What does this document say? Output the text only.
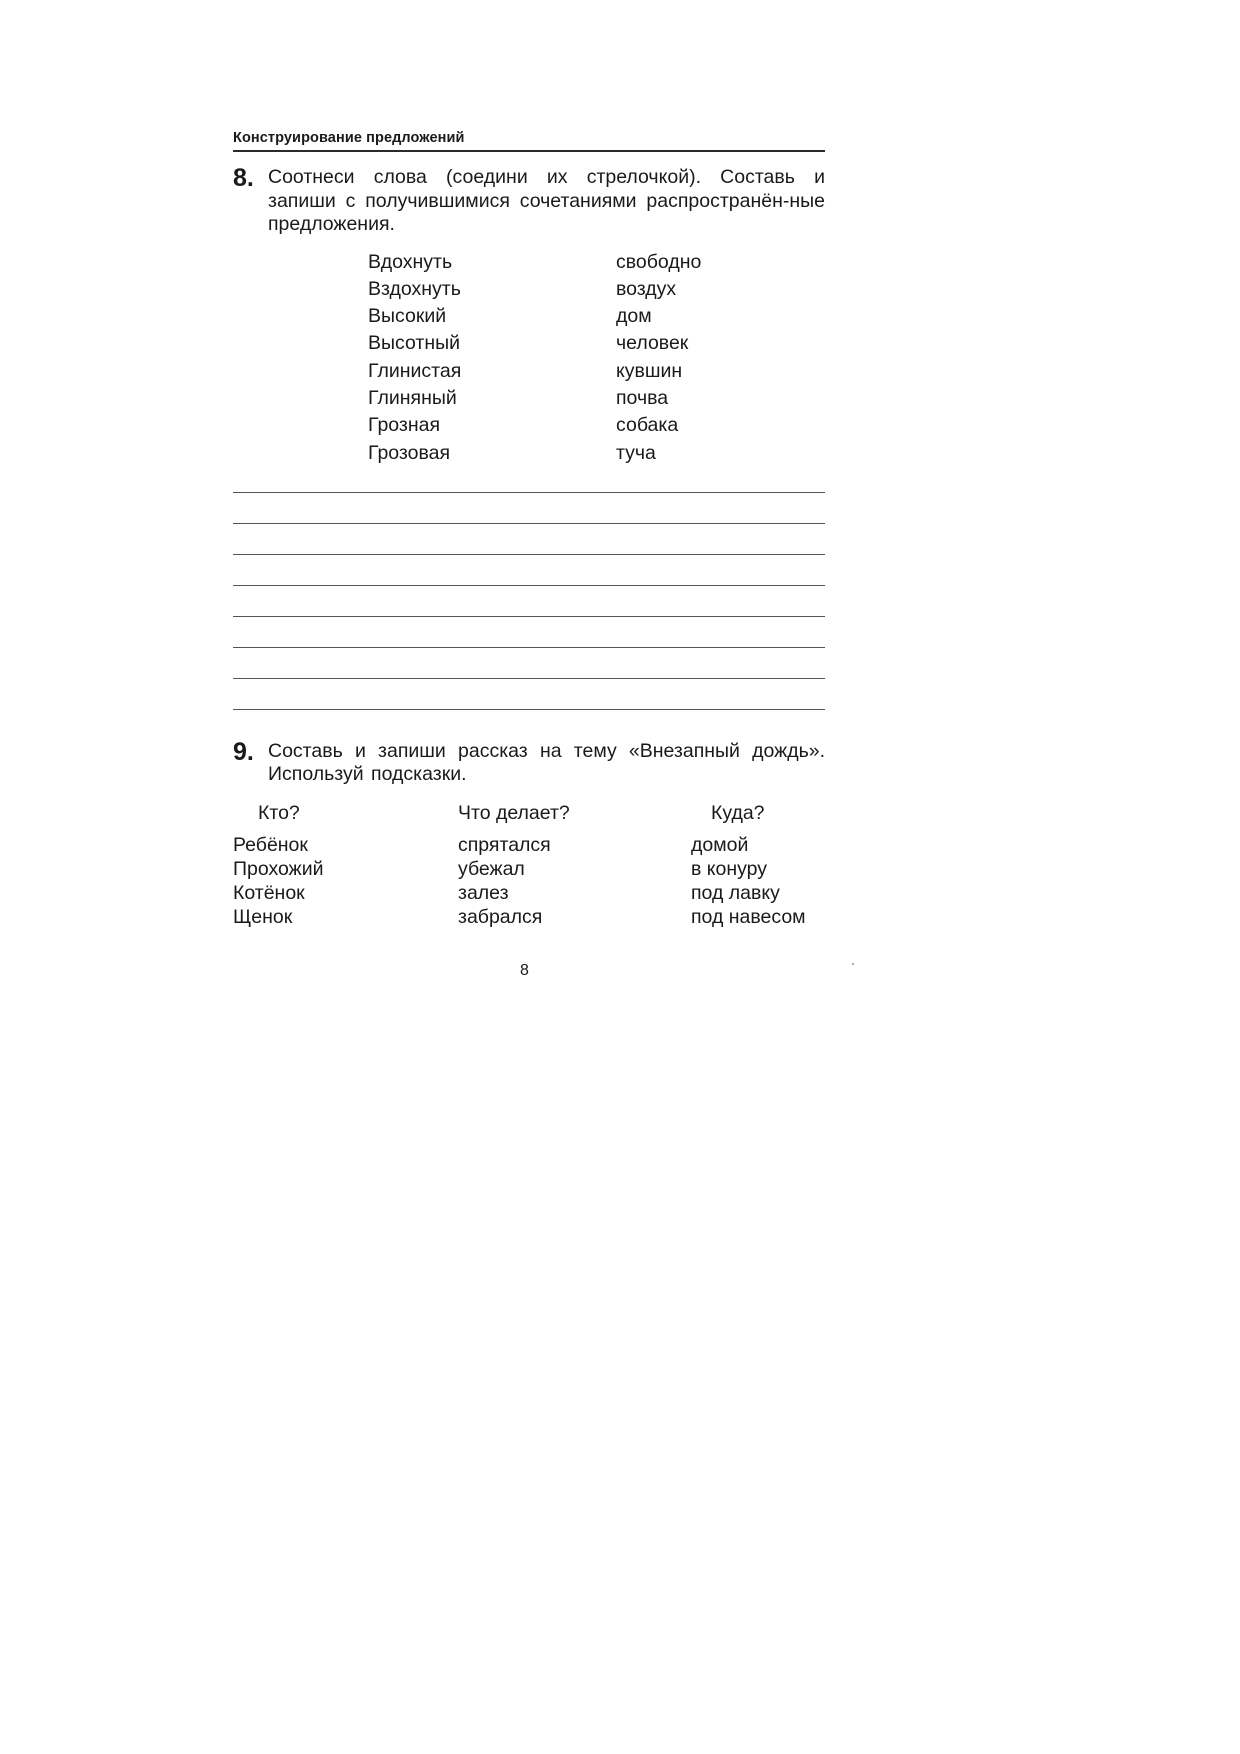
Конструирование предложений
8. Соотнеси слова (соедини их стрелочкой). Составь и запиши с получившимися сочетаниями распространён-ные предложения.
Вдохнуть
Вздохнуть
Высокий
Высотный
Глинистая
Глиняный
Грозная
Грозовая
свободно
воздух
дом
человек
кувшин
почва
собака
туча
9. Составь и запиши рассказ на тему «Внезапный дождь». Используй подсказки.
Кто?
Ребёнок
Прохожий
Котёнок
Щенок
Что делает?
спрятался
убежал
залез
забрался
Куда?
домой
в конуру
под лавку
под навесом
8
